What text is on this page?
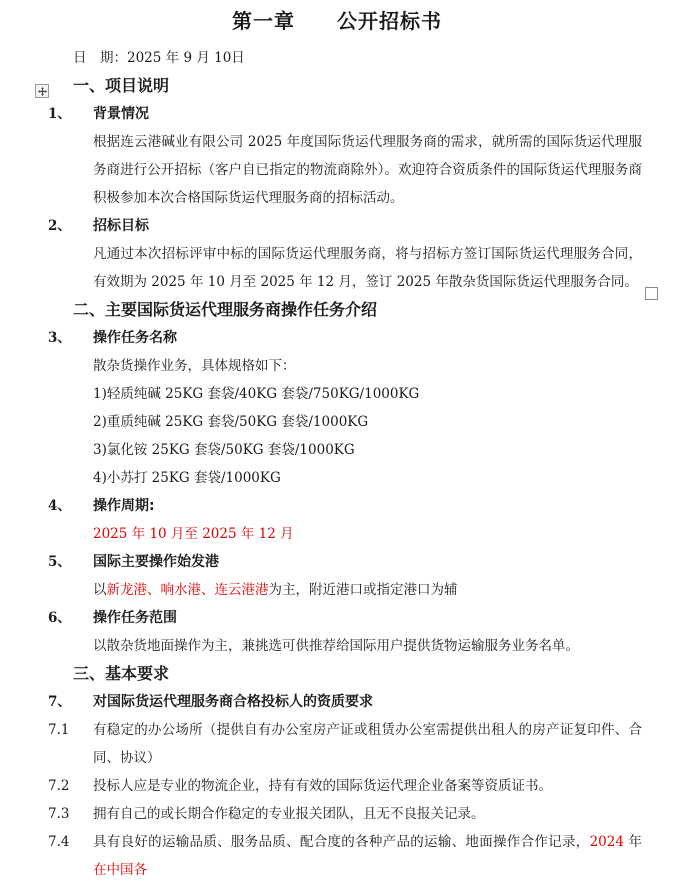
第一章　　公开招标书
日　期：2025 年 9 月 10日
一、项目说明
1、	背景情况
根据连云港碱业有限公司 2025 年度国际货运代理服务商的需求，就所需的国际货运代理服务商进行公开招标（客户自已指定的物流商除外）。欢迎符合资质条件的国际货运代理服务商积极参加本次合格国际货运代理服务商的招标活动。
2、	招标目标
凡通过本次招标评审中标的国际货运代理服务商，将与招标方签订国际货运代理服务合同，有效期为 2025 年 10 月至 2025 年 12 月，签订 2025 年散杂货国际货运代理服务合同。
二、主要国际货运代理服务商操作任务介绍
3、	操作任务名称
散杂货操作业务，具体规格如下：
1)轻质纯碱 25KG 套袋/40KG 套袋/750KG/1000KG
2)重质纯碱 25KG 套袋/50KG 套袋/1000KG
3)氯化铵 25KG 套袋/50KG 套袋/1000KG
4)小苏打 25KG 套袋/1000KG
4、	操作周期:
2025 年 10 月至 2025 年 12 月
5、	国际主要操作始发港
以新龙港、响水港、连云港港为主，附近港口或指定港口为辅
6、	操作任务范围
以散杂货地面操作为主，兼挑选可供推荐给国际用户提供货物运输服务业务名单。
三、基本要求
7、	对国际货运代理服务商合格投标人的资质要求
7.1	有稳定的办公场所（提供自有办公室房产证或租赁办公室需提供出租人的房产证复印件、合同、协议）
7.2	投标人应是专业的物流企业，持有有效的国际货运代理企业备案等资质证书。
7.3	拥有自己的或长期合作稳定的专业报关团队，且无不良报关记录。
7.4	具有良好的运输品质、服务品质、配合度的各种产品的运输、地面操作合作记录，2024 年在中国各
